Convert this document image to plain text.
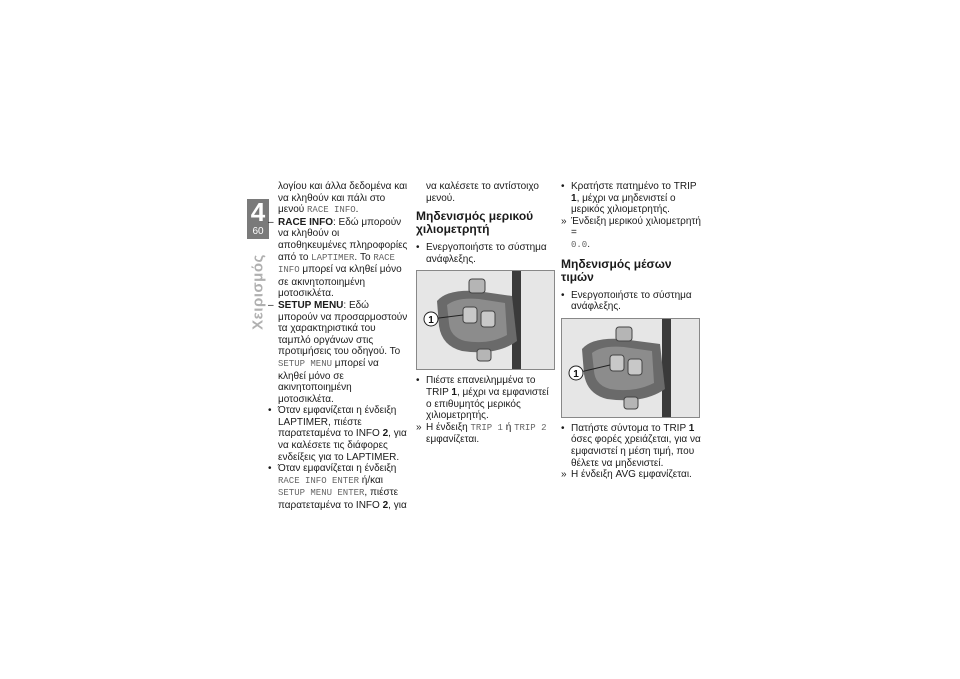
4
60
Χειρισμός

λογίου και άλλα δεδομένα και να κληθούν και πάλι στο μενού RACE INFO.

– RACE INFO: Εδώ μπορούν να κληθούν οι αποθηκευμένες πληροφορίες από το LAPTIMER. Το RACE INFO μπορεί να κληθεί μόνο σε ακινητοποιημένη μοτοσικλέτα.

– SETUP MENU: Εδώ μπορούν να προσαρμοστούν τα χαρακτηριστικά του ταμπλό οργάνων στις προτιμήσεις του οδηγού. Το SETUP MENU μπορεί να κληθεί μόνο σε ακινητοποιημένη μοτοσικλέτα.

• Όταν εμφανίζεται η ένδειξη LAPTIMER, πιέστε παρατεταμένα το INFO 2, για να καλέσετε τις διάφορες ενδείξεις για το LAPTIMER.

• Όταν εμφανίζεται η ένδειξη RACE INFO ENTER ή/και SETUP MENU ENTER, πιέστε παρατεταμένα το INFO 2, για

να καλέσετε το αντίστοιχο μενού.

Μηδενισμός μερικού χιλιομετρητή

• Ενεργοποιήστε το σύστημα ανάφλεξης.

1

• Πιέστε επανειλημμένα το TRIP 1, μέχρι να εμφανιστεί ο επιθυμητός μερικός χιλιομετρητής.

» Η ένδειξη TRIP 1 ή TRIP 2 εμφανίζεται.

• Κρατήστε πατημένο το TRIP 1, μέχρι να μηδενιστεί ο μερικός χιλιομετρητής.

» Ένδειξη μερικού χιλιομετρητή =
0.0.

Μηδενισμός μέσων τιμών

• Ενεργοποιήστε το σύστημα ανάφλεξης.

1

• Πατήστε σύντομα το TRIP 1 όσες φορές χρειάζεται, για να εμφανιστεί η μέση τιμή, που θέλετε να μηδενιστεί.

» Η ένδειξη AVG εμφανίζεται.
